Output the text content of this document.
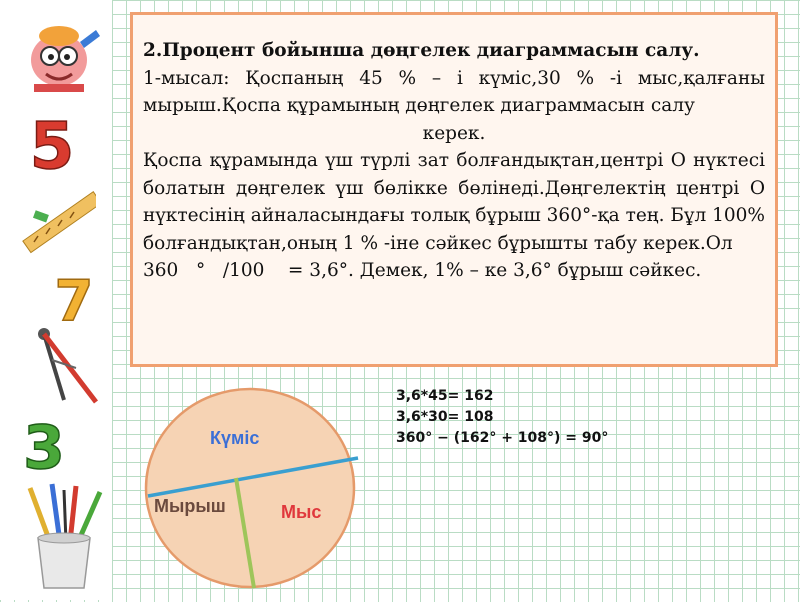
5
7
3

2.Процент бойынша дөңгелек диаграммасын салу.

1-мысал: Қоспаның 45 % – і күміс,30 % -і мыс,қалғаны мырыш.Қоспа құрамының дөңгелек диаграммасын салу

керек.

Қоспа құрамында үш түрлі зат болғандықтан,центрі О нүктесі болатын дөңгелек үш бөлікке бөлінеді.Дөңгелектің центрі О нүктесінің айналасындағы толық бұрыш 360°-қа тең. Бұл 100% болғандықтан,оның 1 % -іне сәйкес бұрышты табу керек.Ол

360   °   /100    = 3,6°. Демек, 1% – ке 3,6° бұрыш сәйкес.

3,6*45= 162
3,6*30= 108
360° − (162° + 108°) = 90°
Күміс
Мырыш	Мыс
